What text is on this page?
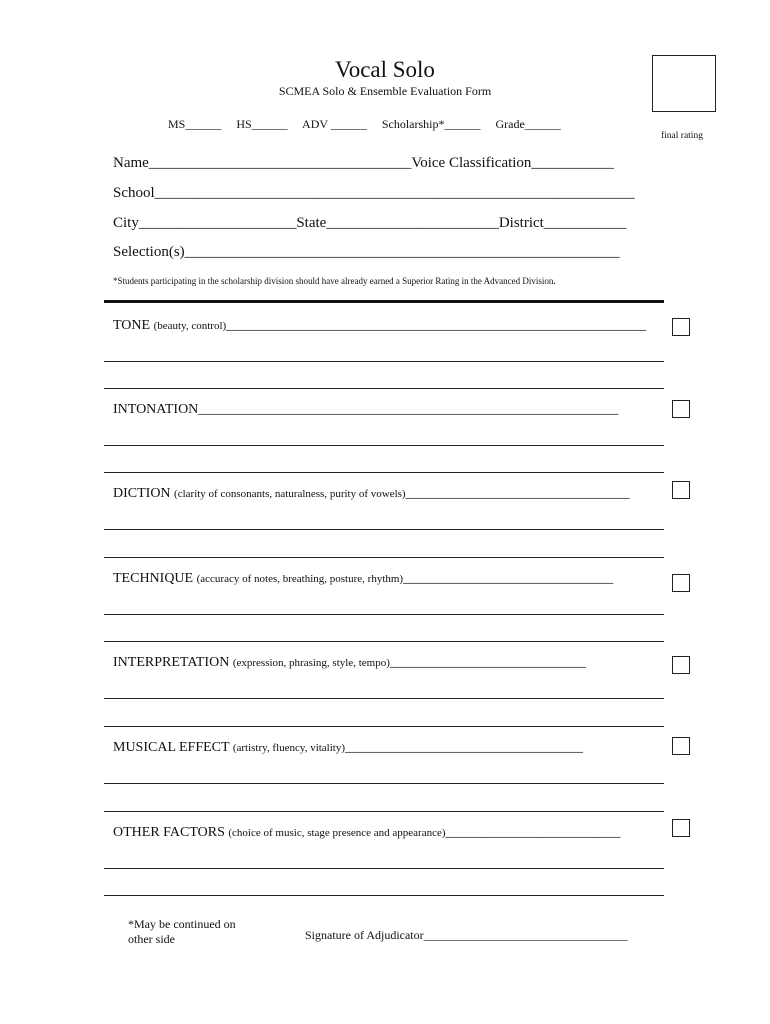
Vocal Solo
SCMEA Solo & Ensemble Evaluation Form
MS______ HS______ ADV ______ Scholarship*______ Grade______
final rating
Name___________________________________Voice Classification___________
School________________________________________________________________
City_____________________State_______________________District___________
Selection(s)__________________________________________________________
*Students participating in the scholarship division should have already earned a Superior Rating in the Advanced Division.
TONE (beauty, control)____________________________________________________________
INTONATION____________________________________________________________
DICTION (clarity of consonants, naturalness, purity of vowels)________________________________
TECHNIQUE (accuracy of notes, breathing, posture, rhythm)______________________________
INTERPRETATION (expression, phrasing, style, tempo)____________________________
MUSICAL EFFECT (artistry, fluency, vitality)__________________________________
OTHER FACTORS (choice of music, stage presence and appearance)_________________________
*May be continued on other side	Signature of Adjudicator__________________________________
